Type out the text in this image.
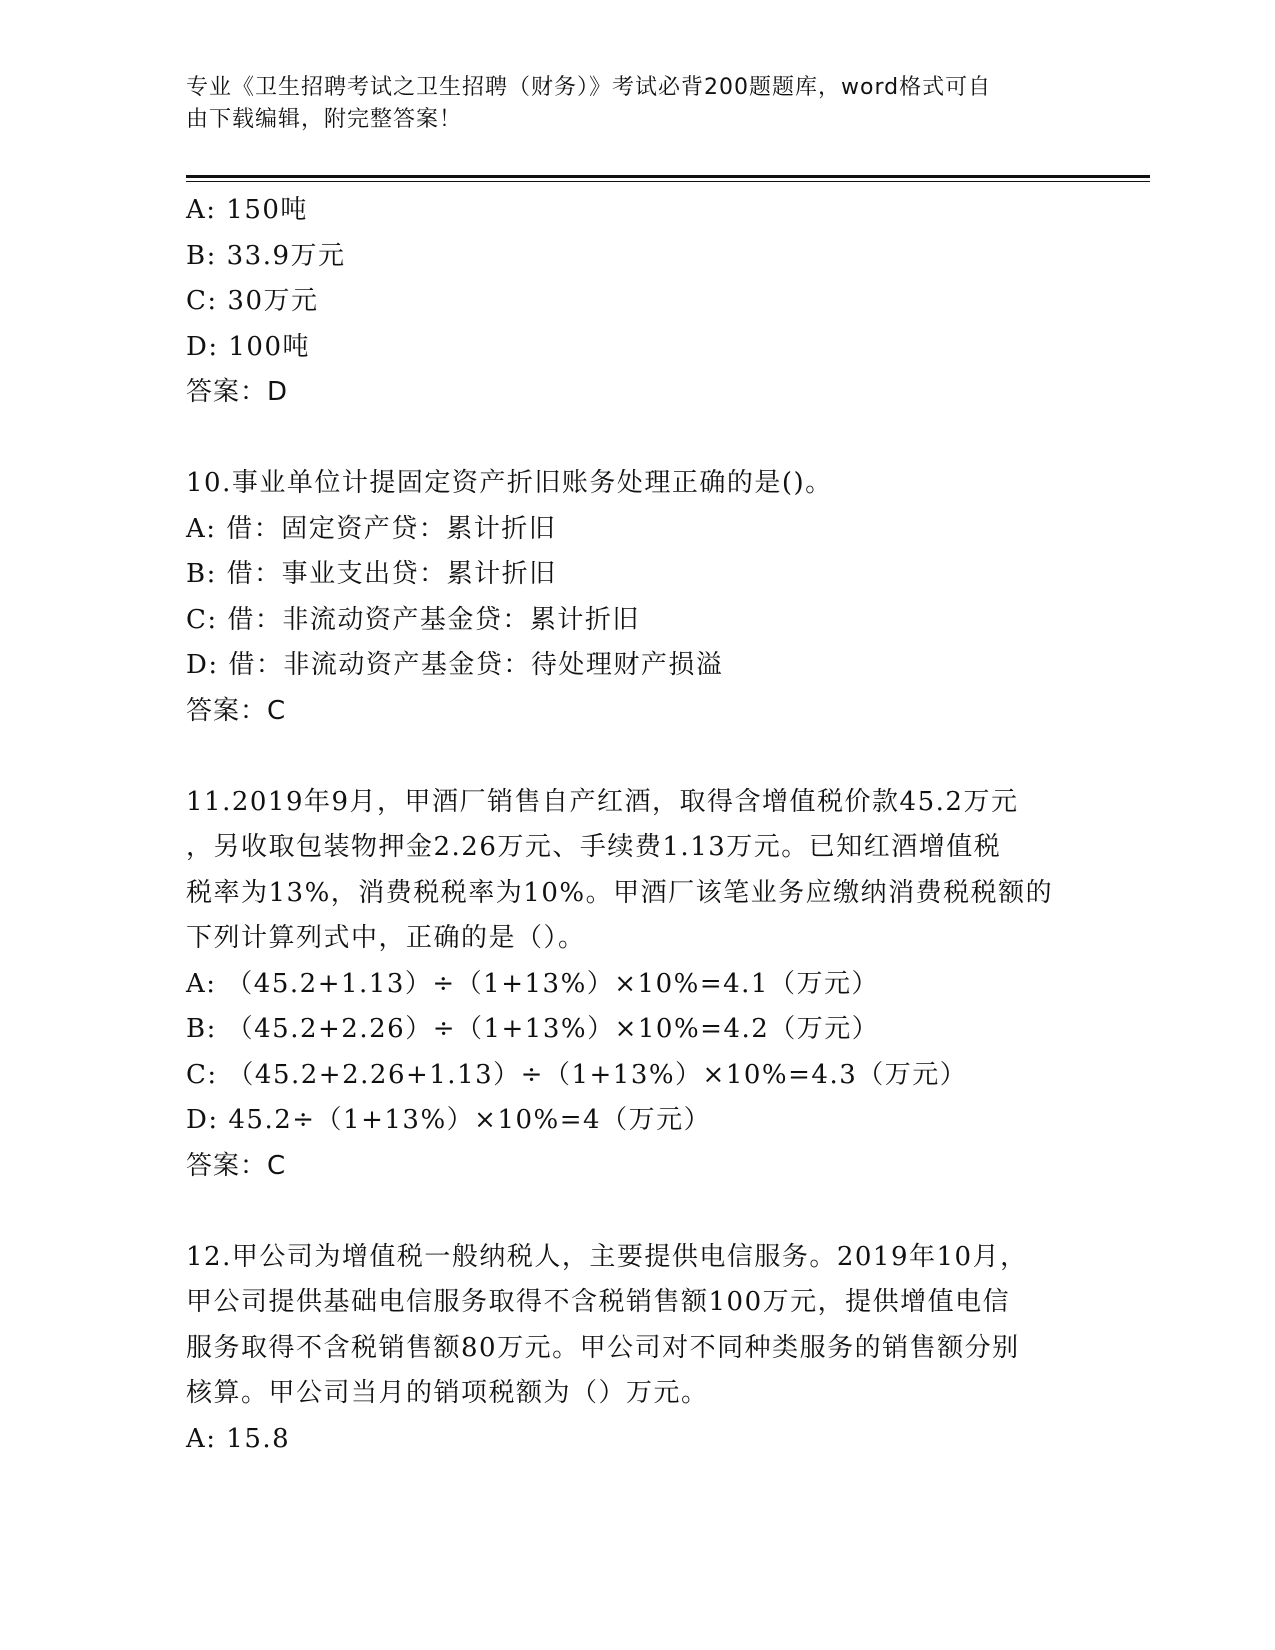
专业《卫生招聘考试之卫生招聘（财务）》考试必背200题题库，word格式可自
由下载编辑，附完整答案！
A: 150吨
B: 33.9万元
C: 30万元
D: 100吨
答案：D
10.事业单位计提固定资产折旧账务处理正确的是()。
A: 借：固定资产贷：累计折旧
B: 借：事业支出贷：累计折旧
C: 借：非流动资产基金贷：累计折旧
D: 借：非流动资产基金贷：待处理财产损溢
答案：C
11.2019年9月，甲酒厂销售自产红酒，取得含增值税价款45.2万元
，另收取包装物押金2.26万元、手续费1.13万元。已知红酒增值税
税率为13%，消费税税率为10%。甲酒厂该笔业务应缴纳消费税税额的
下列计算列式中，正确的是（）。
A: （45.2+1.13）÷（1+13%）×10%=4.1（万元）
B: （45.2+2.26）÷（1+13%）×10%=4.2（万元）
C: （45.2+2.26+1.13）÷（1+13%）×10%=4.3（万元）
D: 45.2÷（1+13%）×10%=4（万元）
答案：C
12.甲公司为增值税一般纳税人，主要提供电信服务。2019年10月，
甲公司提供基础电信服务取得不含税销售额100万元，提供增值电信
服务取得不含税销售额80万元。甲公司对不同种类服务的销售额分别
核算。甲公司当月的销项税额为（）万元。
A: 15.8
